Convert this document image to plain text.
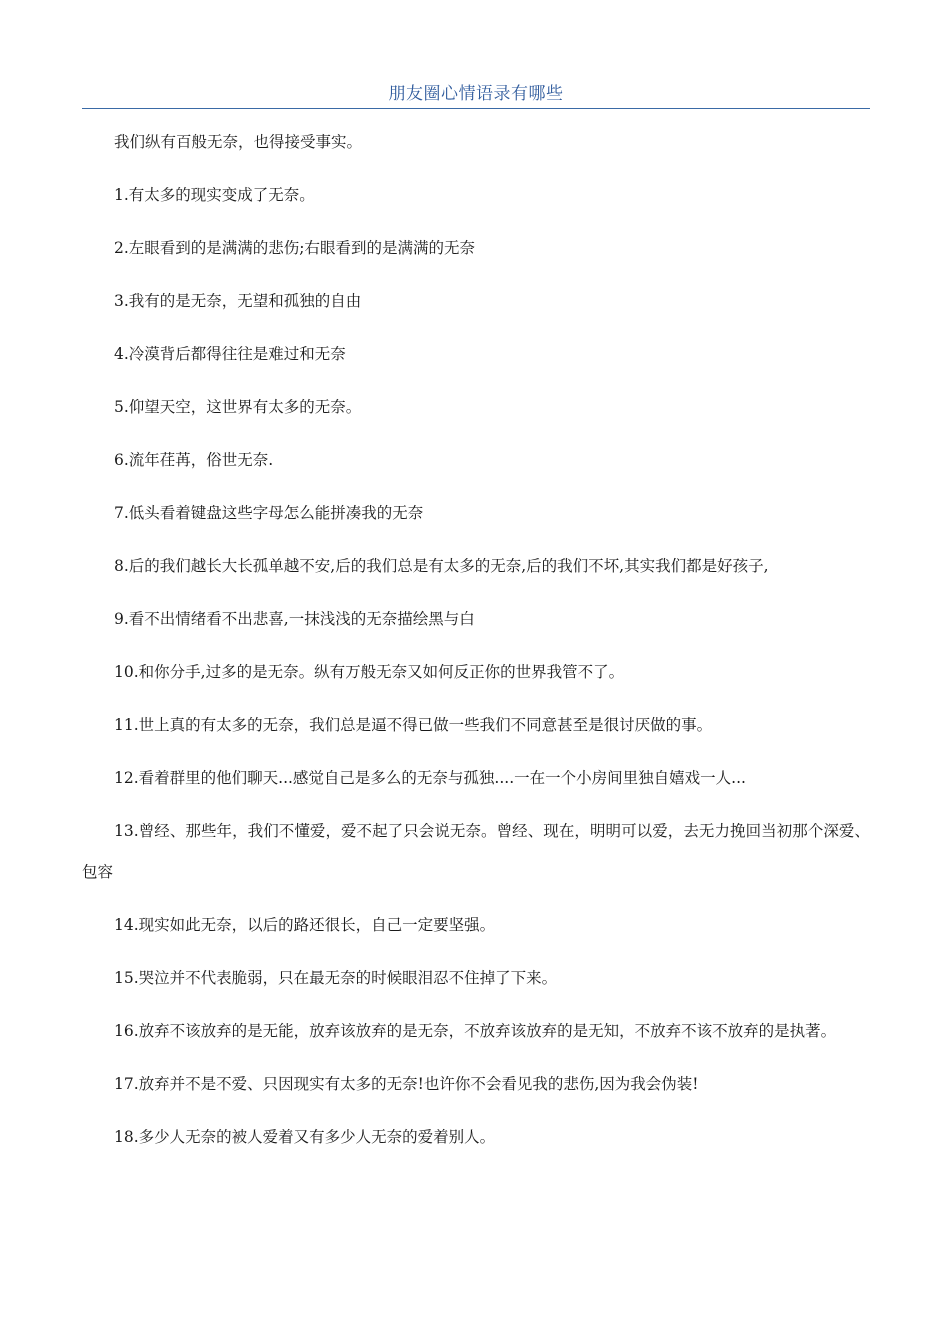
朋友圈心情语录有哪些

我们纵有百般无奈，也得接受事实。

1.有太多的现实变成了无奈。

2.左眼看到的是满满的悲伤;右眼看到的是满满的无奈

3.我有的是无奈，无望和孤独的自由

4.冷漠背后都得往往是难过和无奈

5.仰望天空，这世界有太多的无奈。

6.流年荏苒，俗世无奈.

7.低头看着键盘这些字母怎么能拼凑我的无奈

8.后的我们越长大长孤单越不安,后的我们总是有太多的无奈,后的我们不坏,其实我们都是好孩子,

9.看不出情绪看不出悲喜,一抹浅浅的无奈描绘黑与白

10.和你分手,过多的是无奈。纵有万般无奈又如何反正你的世界我管不了。

11.世上真的有太多的无奈，我们总是逼不得已做一些我们不同意甚至是很讨厌做的事。

12.看着群里的他们聊天...感觉自己是多么的无奈与孤独....一在一个小房间里独自嬉戏一人...

13.曾经、那些年，我们不懂爱，爱不起了只会说无奈。曾经、现在，明明可以爱，去无力挽回当初那个深爱、包容

14.现实如此无奈，以后的路还很长，自己一定要坚强。

15.哭泣并不代表脆弱，只在最无奈的时候眼泪忍不住掉了下来。

16.放弃不该放弃的是无能，放弃该放弃的是无奈，不放弃该放弃的是无知，不放弃不该不放弃的是执著。

17.放弃并不是不爱、只因现实有太多的无奈!也许你不会看见我的悲伤,因为我会伪装!

18.多少人无奈的被人爱着又有多少人无奈的爱着别人。
